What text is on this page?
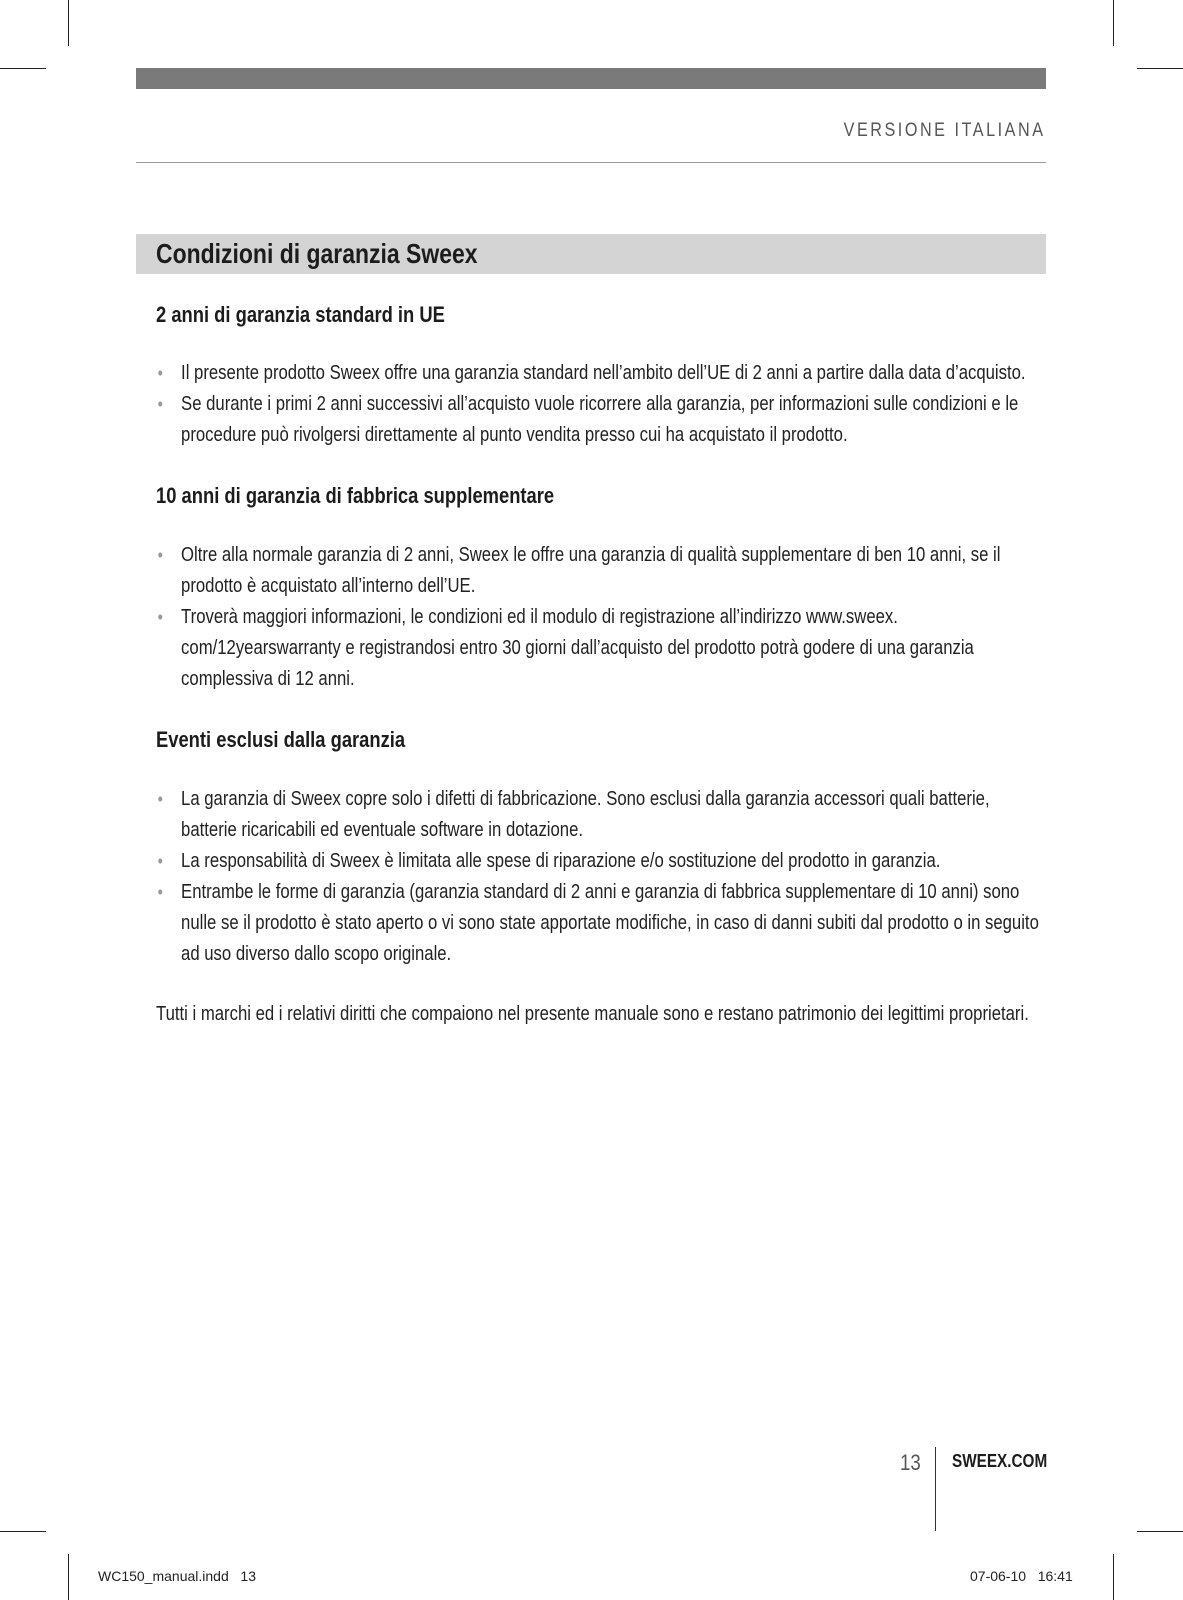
VERSIONE ITALIANA
Condizioni di garanzia Sweex
2 anni di garanzia standard in UE
• Il presente prodotto Sweex offre una garanzia standard nell’ambito dell’UE di 2 anni a partire dalla data d’acquisto.
• Se durante i primi 2 anni successivi all’acquisto vuole ricorrere alla garanzia, per informazioni sulle condizioni e le procedure può rivolgersi direttamente al punto vendita presso cui ha acquistato il prodotto.
10 anni di garanzia di fabbrica supplementare
• Oltre alla normale garanzia di 2 anni, Sweex le offre una garanzia di qualità supplementare di ben 10 anni, se il prodotto è acquistato all’interno dell’UE.
• Troverà maggiori informazioni, le condizioni ed il modulo di registrazione all’indirizzo www.sweex. com/12yearswarranty e registrandosi entro 30 giorni dall’acquisto del prodotto potrà godere di una garanzia complessiva di 12 anni.
Eventi esclusi dalla garanzia
• La garanzia di Sweex copre solo i difetti di fabbricazione. Sono esclusi dalla garanzia accessori quali batterie, batterie ricaricabili ed eventuale software in dotazione.
• La responsabilità di Sweex è limitata alle spese di riparazione e/o sostituzione del prodotto in garanzia.
• Entrambe le forme di garanzia (garanzia standard di 2 anni e garanzia di fabbrica supplementare di 10 anni) sono nulle se il prodotto è stato aperto o vi sono state apportate modifiche, in caso di danni subiti dal prodotto o in seguito ad uso diverso dallo scopo originale.

Tutti i marchi ed i relativi diritti che compaiono nel presente manuale sono e restano patrimonio dei legittimi proprietari.

13 SWEEX.COM
WC150_manual.indd   13	07-06-10   16:41
